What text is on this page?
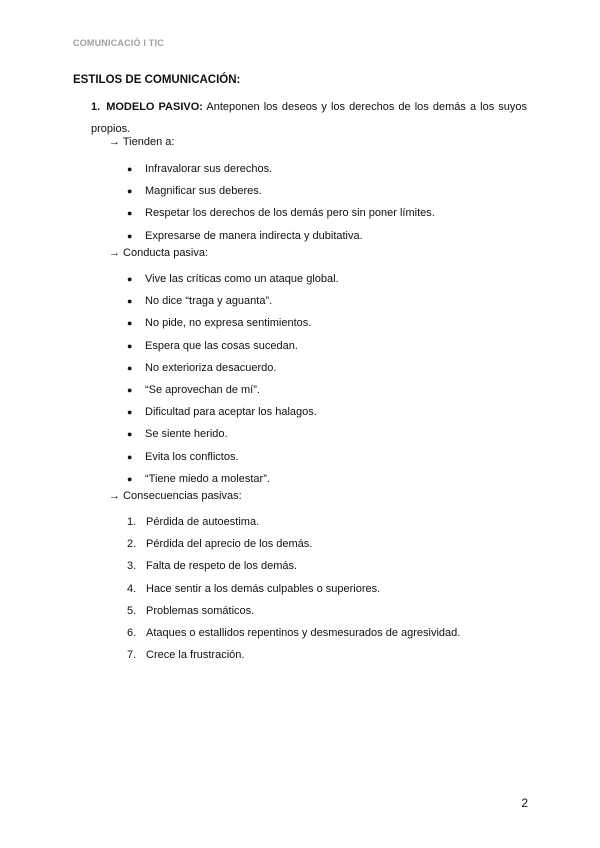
COMUNICACIÓ I TIC
ESTILOS DE COMUNICACIÓN:
1. MODELO PASIVO: Anteponen los deseos y los derechos de los demás a los suyos propios.
→ Tienden a:
● Infravalorar sus derechos.
● Magnificar sus deberes.
● Respetar los derechos de los demás pero sin poner límites.
● Expresarse de manera indirecta y dubitativa.
→ Conducta pasiva:
● Vive las críticas como un ataque global.
● No dice “traga y aguanta”.
● No pide, no expresa sentimientos.
● Espera que las cosas sucedan.
● No exterioriza desacuerdo.
● “Se aprovechan de mí”.
● Dificultad para aceptar los halagos.
● Se siente herido.
● Evita los conflictos.
● “Tiene miedo a molestar”.
→ Consecuencias pasivas:
1. Pérdida de autoestima.
2. Pérdida del aprecio de los demás.
3. Falta de respeto de los demás.
4. Hace sentir a los demás culpables o superiores.
5. Problemas somáticos.
6. Ataques o estallidos repentinos y desmesurados de agresividad.
7. Crece la frustración.
2
